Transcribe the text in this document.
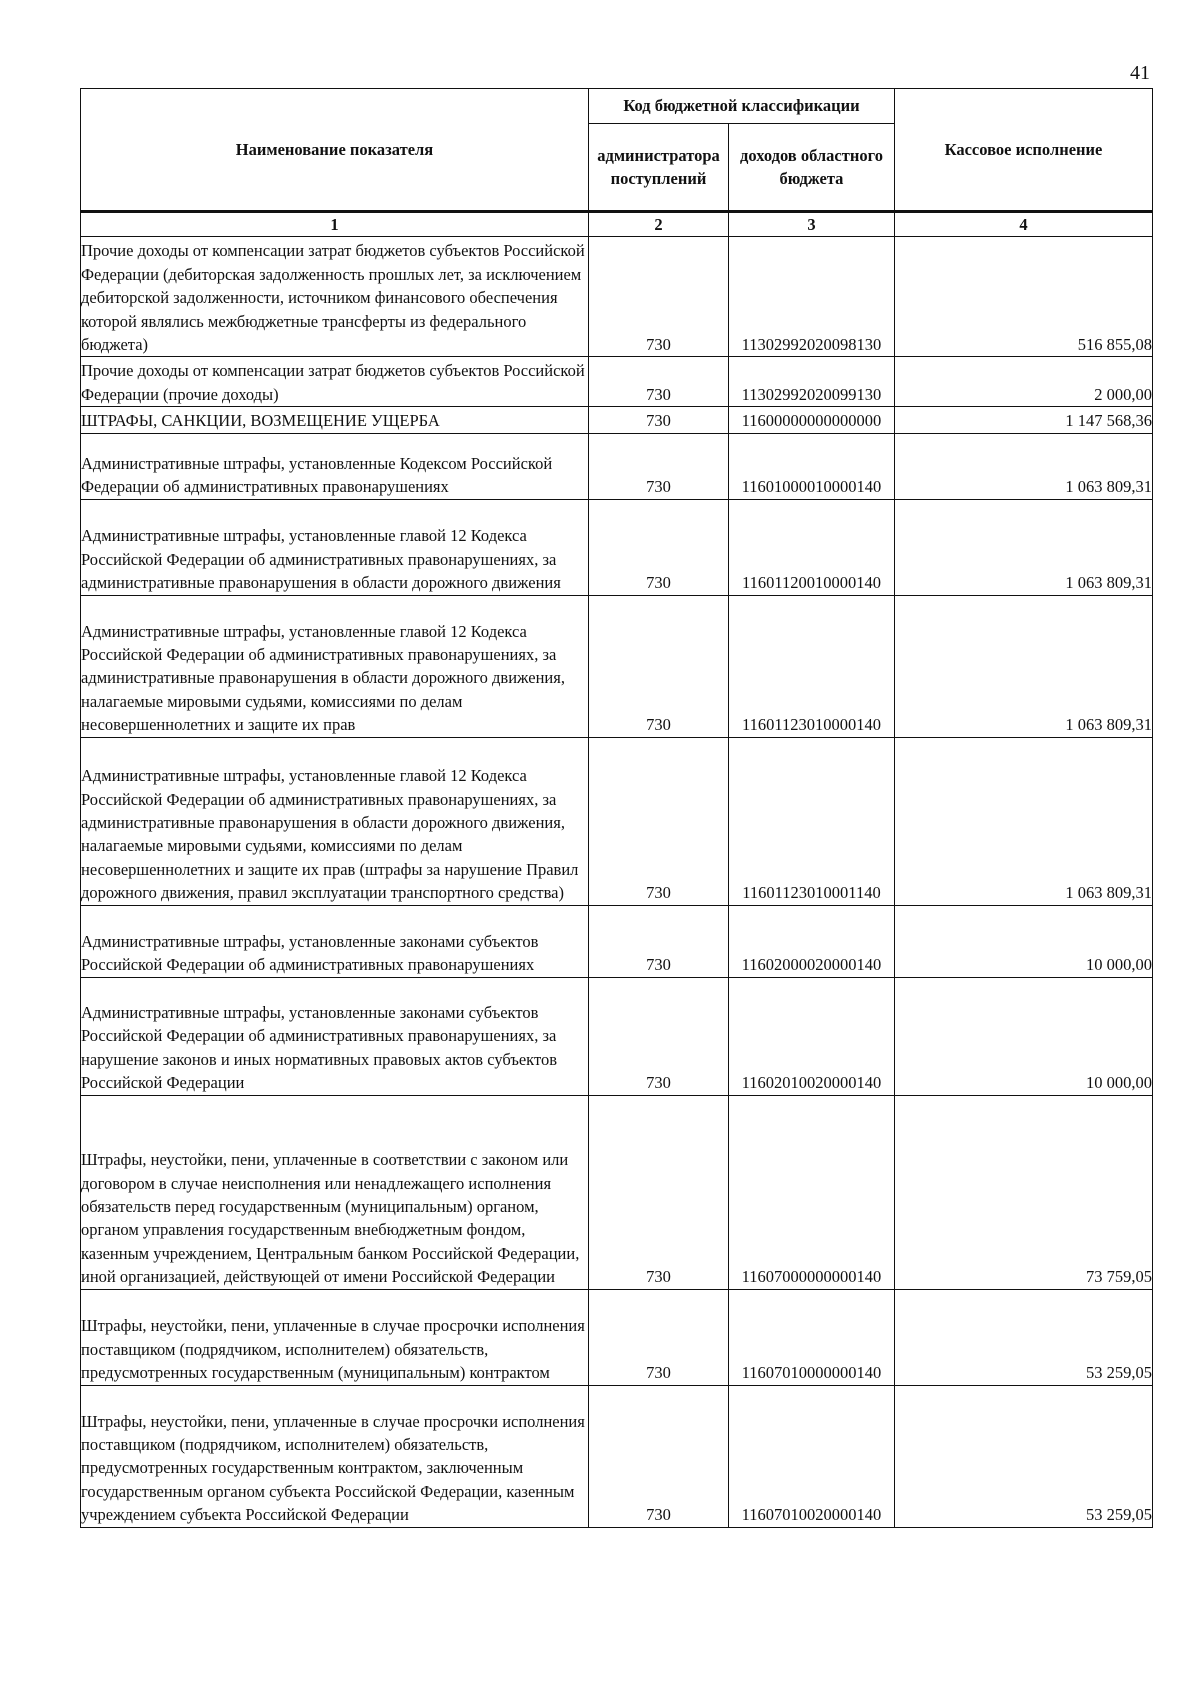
41
Наименование показателя	Код бюджетной классификации		Кассовое исполнение
	администратора поступлений	доходов областного бюджета	
1	2	3	4
Прочие доходы от компенсации затрат бюджетов субъектов Российской Федерации (дебиторская задолженность прошлых лет, за исключением дебиторской задолженности, источником финансового обеспечения которой являлись межбюджетные трансферты из федерального бюджета)	730	11302992020098130	516 855,08
Прочие доходы от компенсации затрат бюджетов субъектов Российской Федерации (прочие доходы)	730	11302992020099130	2 000,00
ШТРАФЫ, САНКЦИИ, ВОЗМЕЩЕНИЕ УЩЕРБА	730	11600000000000000	1 147 568,36
Административные штрафы, установленные Кодексом Российской Федерации об административных правонарушениях	730	11601000010000140	1 063 809,31
Административные штрафы, установленные главой 12 Кодекса Российской Федерации об административных правонарушениях, за административные правонарушения в области дорожного движения	730	11601120010000140	1 063 809,31
Административные штрафы, установленные главой 12 Кодекса Российской Федерации об административных правонарушениях, за административные правонарушения в области дорожного движения, налагаемые мировыми судьями, комиссиями по делам несовершеннолетних и защите их прав	730	11601123010000140	1 063 809,31
Административные штрафы, установленные главой 12 Кодекса Российской Федерации об административных правонарушениях, за административные правонарушения в области дорожного движения, налагаемые мировыми судьями, комиссиями по делам несовершеннолетних и защите их прав (штрафы за нарушение Правил дорожного движения, правил эксплуатации транспортного средства)	730	11601123010001140	1 063 809,31
Административные штрафы, установленные законами субъектов Российской Федерации об административных правонарушениях	730	11602000020000140	10 000,00
Административные штрафы, установленные законами субъектов Российской Федерации об административных правонарушениях, за нарушение законов и иных нормативных правовых актов субъектов Российской Федерации	730	11602010020000140	10 000,00
Штрафы, неустойки, пени, уплаченные в соответствии с законом или договором в случае неисполнения или ненадлежащего исполнения обязательств перед государственным (муниципальным) органом, органом управления государственным внебюджетным фондом, казенным учреждением, Центральным банком Российской Федерации, иной организацией, действующей от имени Российской Федерации	730	11607000000000140	73 759,05
Штрафы, неустойки, пени, уплаченные в случае просрочки исполнения поставщиком (подрядчиком, исполнителем) обязательств, предусмотренных государственным (муниципальным) контрактом	730	11607010000000140	53 259,05
Штрафы, неустойки, пени, уплаченные в случае просрочки исполнения поставщиком (подрядчиком, исполнителем) обязательств, предусмотренных государственным контрактом, заключенным государственным органом субъекта Российской Федерации, казенным учреждением субъекта Российской Федерации	730	11607010020000140	53 259,05
